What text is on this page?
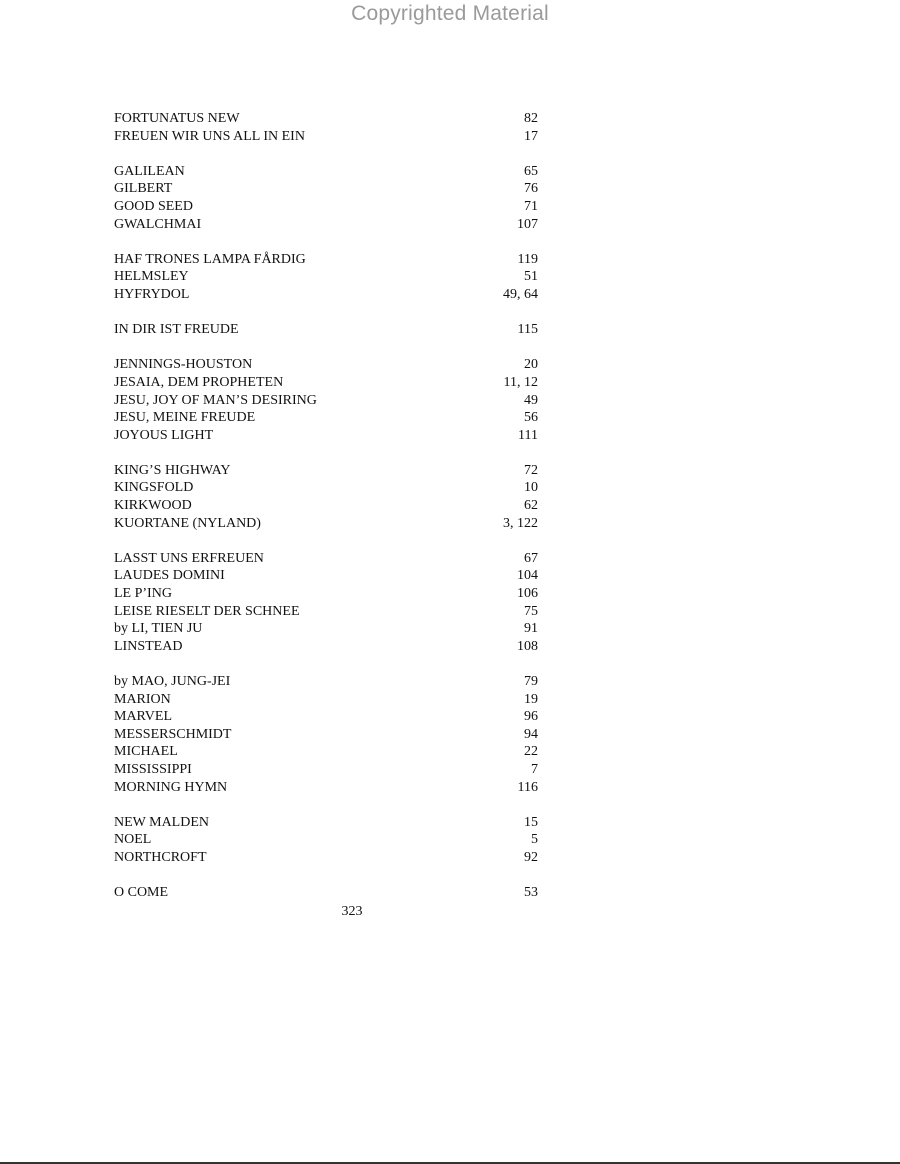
Copyrighted Material
FORTUNATUS NEW	82
FREUEN WIR UNS ALL IN EIN	17
GALILEAN	65
GILBERT	76
GOOD SEED	71
GWALCHMAI	107
HAF TRONES LAMPA FÅRDIG	119
HELMSLEY	51
HYFRYDOL	49, 64
IN DIR IST FREUDE	115
JENNINGS-HOUSTON	20
JESAIA, DEM PROPHETEN	11, 12
JESU, JOY OF MAN’S DESIRING	49
JESU, MEINE FREUDE	56
JOYOUS LIGHT	111
KING’S HIGHWAY	72
KINGSFOLD	10
KIRKWOOD	62
KUORTANE (NYLAND)	3, 122
LASST UNS ERFREUEN	67
LAUDES DOMINI	104
LE P’ING	106
LEISE RIESELT DER SCHNEE	75
by LI, TIEN JU	91
LINSTEAD	108
by MAO, JUNG-JEI	79
MARION	19
MARVEL	96
MESSERSCHMIDT	94
MICHAEL	22
MISSISSIPPI	7
MORNING HYMN	116
NEW MALDEN	15
NOEL	5
NORTHCROFT	92
O COME	53
323
